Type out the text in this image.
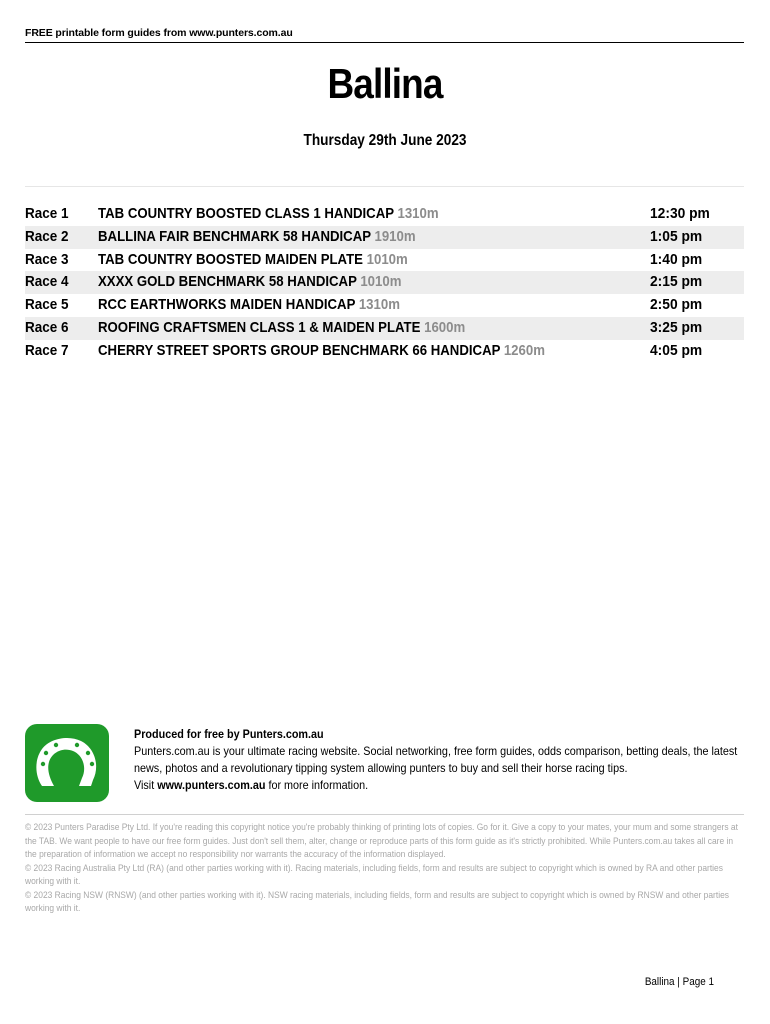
FREE printable form guides from www.punters.com.au
Ballina
Thursday 29th June 2023
Race 1	TAB COUNTRY BOOSTED CLASS 1 HANDICAP 1310m	12:30 pm
Race 2	BALLINA FAIR BENCHMARK 58 HANDICAP 1910m	1:05 pm
Race 3	TAB COUNTRY BOOSTED MAIDEN PLATE 1010m	1:40 pm
Race 4	XXXX GOLD BENCHMARK 58 HANDICAP 1010m	2:15 pm
Race 5	RCC EARTHWORKS MAIDEN HANDICAP 1310m	2:50 pm
Race 6	ROOFING CRAFTSMEN CLASS 1 & MAIDEN PLATE 1600m	3:25 pm
Race 7	CHERRY STREET SPORTS GROUP BENCHMARK 66 HANDICAP 1260m	4:05 pm
Produced for free by Punters.com.au
Punters.com.au is your ultimate racing website. Social networking, free form guides, odds comparison, betting deals, the latest news, photos and a revolutionary tipping system allowing punters to buy and sell their horse racing tips.
Visit www.punters.com.au for more information.

© 2023 Punters Paradise Pty Ltd. If you're reading this copyright notice you're probably thinking of printing lots of copies. Go for it. Give a copy to your mates, your mum and some strangers at the TAB. We want people to have our free form guides. Just don't sell them, alter, change or reproduce parts of this form guide as it's strictly prohibited. While Punters.com.au takes all care in the preparation of information we accept no responsibility nor warrants the accuracy of the information displayed.

© 2023 Racing Australia Pty Ltd (RA) (and other parties working with it). Racing materials, including fields, form and results are subject to copyright which is owned by RA and other parties working with it.

© 2023 Racing NSW (RNSW) (and other parties working with it). NSW racing materials, including fields, form and results are subject to copyright which is owned by RNSW and other parties working with it.

Ballina | Page 1
